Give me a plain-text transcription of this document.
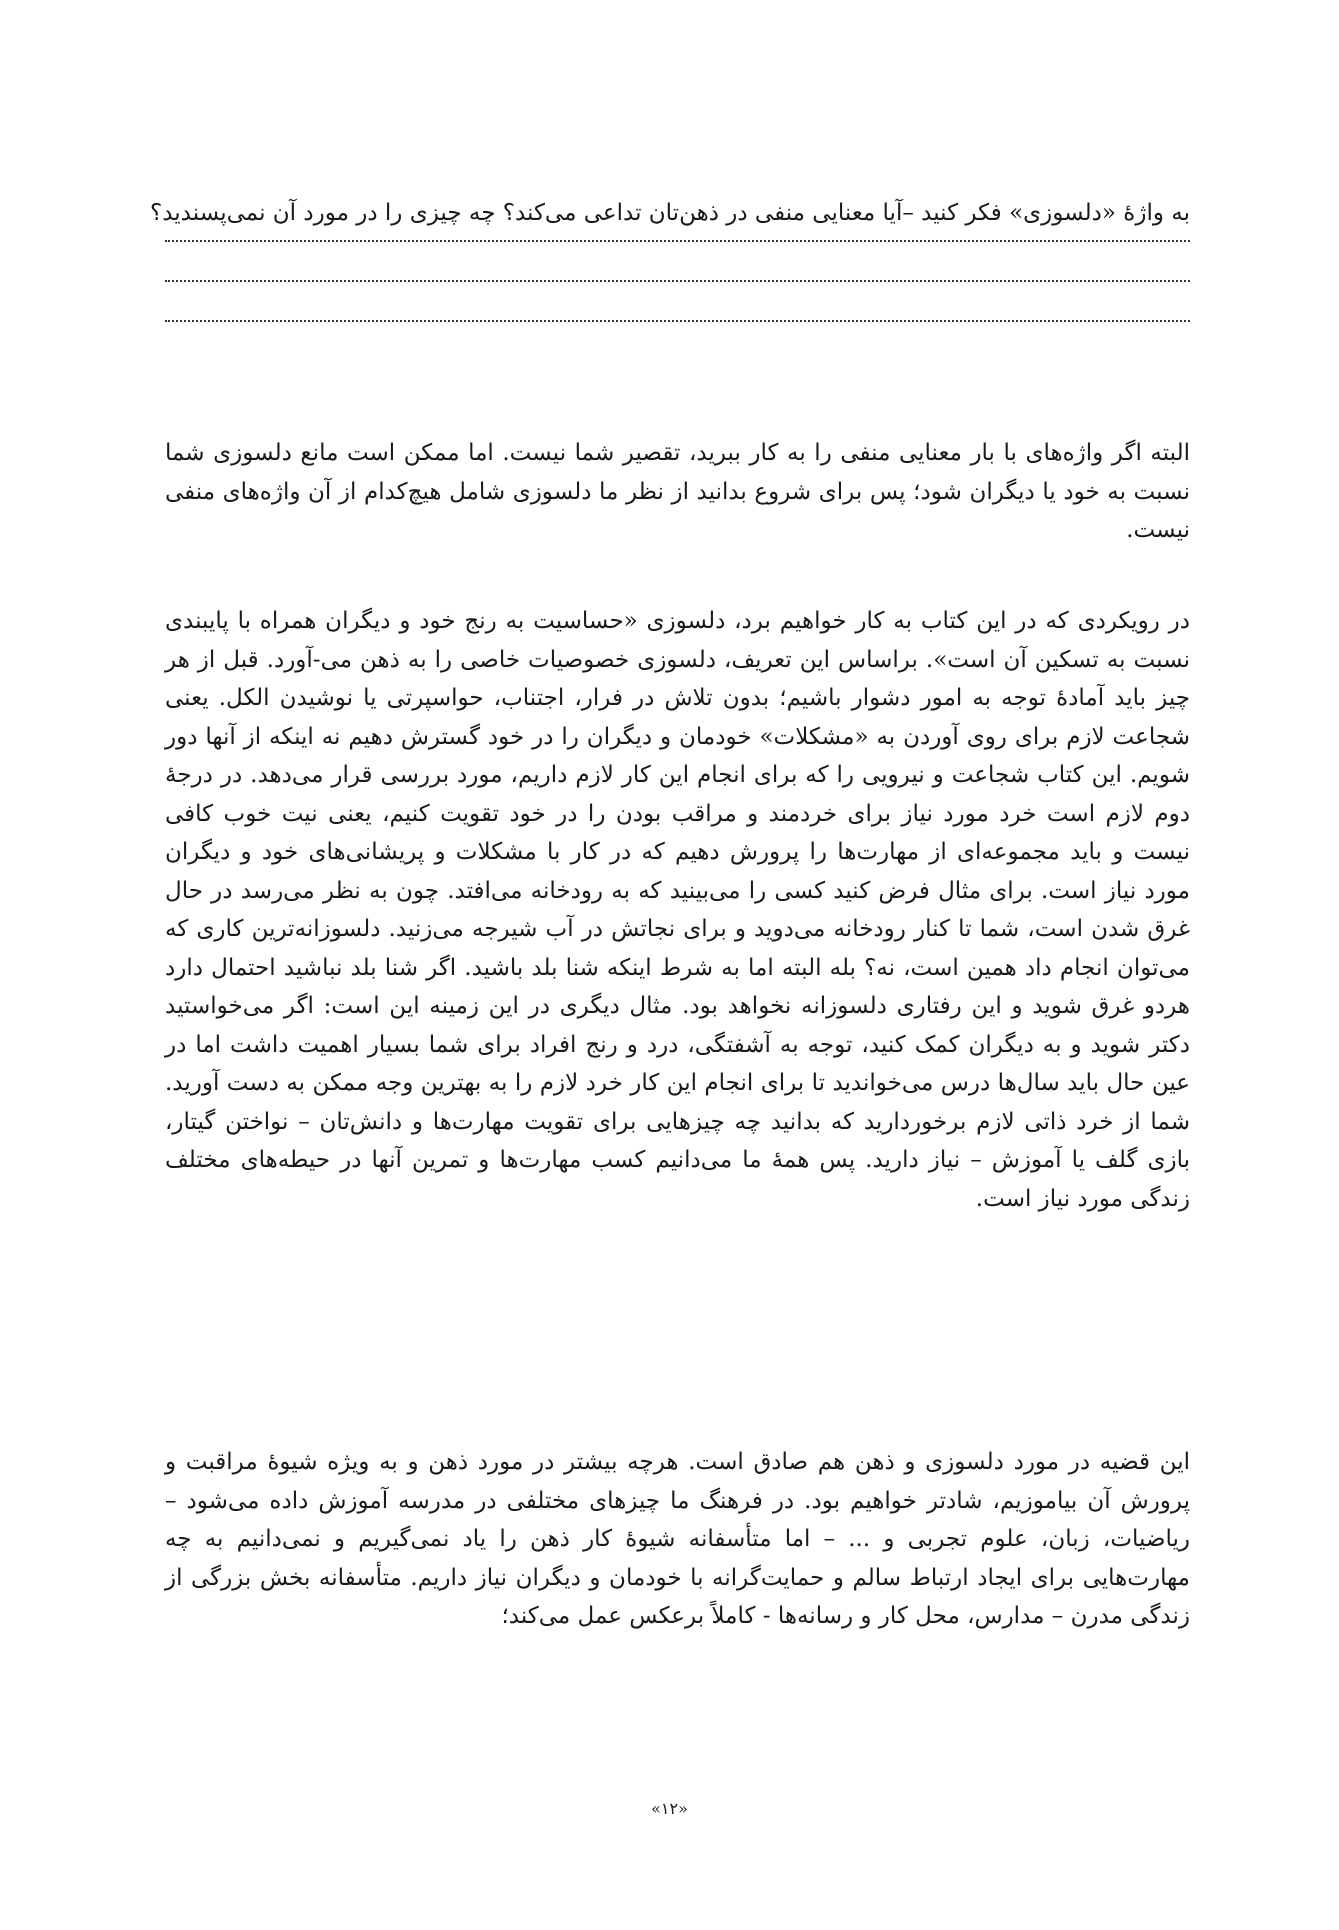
به واژهٔ «دلسوزی» فکر کنید –آیا معنایی منفی در ذهن‌تان تداعی می‌کند؟ چه چیزی را در مورد آن نمی‌پسندید؟

البته اگر واژه‌های با بار معنایی منفی را به کار ببرید، تقصیر شما نیست. اما ممکن است مانع دلسوزی شما نسبت به خود یا دیگران شود؛ پس برای شروع بدانید از نظر ما دلسوزی شامل هیچ‌کدام از آن واژه‌های منفی نیست.

در رویکردی که در این کتاب به کار خواهیم برد، دلسوزی «حساسیت به رنج خود و دیگران همراه با پایبندی نسبت به تسکین آن است». براساس این تعریف، دلسوزی خصوصیات خاصی را به ذهن می-آورد. قبل از هر چیز باید آمادهٔ توجه به امور دشوار باشیم؛ بدون تلاش در فرار، اجتناب، حواسپرتی یا نوشیدن الکل. یعنی شجاعت لازم برای روی آوردن به «مشکلات» خودمان و دیگران را در خود گسترش دهیم نه اینکه از آنها دور شویم. این کتاب شجاعت و نیرویی را که برای انجام این کار لازم داریم، مورد بررسی قرار می‌دهد. در درجهٔ دوم لازم است خرد مورد نیاز برای خردمند و مراقب بودن را در خود تقویت کنیم، یعنی نیت خوب کافی نیست و باید مجموعه‌ای از مهارت‌ها را پرورش دهیم که در کار با مشکلات و پریشانی‌های خود و دیگران مورد نیاز است. برای مثال فرض کنید کسی را می‌بینید که به رودخانه می‌افتد. چون به نظر می‌رسد در حال غرق شدن است، شما تا کنار رودخانه می‌دوید و برای نجاتش در آب شیرجه می‌زنید. دلسوزانه‌ترین کاری که می‌توان انجام داد همین است، نه؟ بله البته اما به شرط اینکه شنا بلد باشید. اگر شنا بلد نباشید احتمال دارد هردو غرق شوید و این رفتاری دلسوزانه نخواهد بود. مثال دیگری در این زمینه این است: اگر می‌خواستید دکتر شوید و به دیگران کمک کنید، توجه به آشفتگی، درد و رنج افراد برای شما بسیار اهمیت داشت اما در عین حال باید سال‌ها درس می‌خواندید تا برای انجام این کار خرد لازم را به بهترین وجه ممکن به دست آورید. شما از خرد ذاتی لازم برخوردارید که بدانید چه چیزهایی برای تقویت مهارت‌ها و دانش‌تان – نواختن گیتار، بازی گلف یا آموزش – نیاز دارید. پس همهٔ ما می‌دانیم کسب مهارت‌ها و تمرین آنها در حیطه‌های مختلف زندگی مورد نیاز است.

این قضیه در مورد دلسوزی و ذهن هم صادق است. هرچه بیشتر در مورد ذهن و به ویژه شیوهٔ مراقبت و پرورش آن بیاموزیم، شادتر خواهیم بود. در فرهنگ ما چیزهای مختلفی در مدرسه آموزش داده می‌شود – ریاضیات، زبان، علوم تجربی و ... – اما متأسفانه شیوهٔ کار ذهن را یاد نمی‌گیریم و نمی‌دانیم به چه مهارت‌هایی برای ایجاد ارتباط سالم و حمایت‌گرانه با خودمان و دیگران نیاز داریم. متأسفانه بخش بزرگی از زندگی مدرن – مدارس، محل کار و رسانه‌ها - کاملاً برعکس عمل می‌کند؛

«۱۲»
